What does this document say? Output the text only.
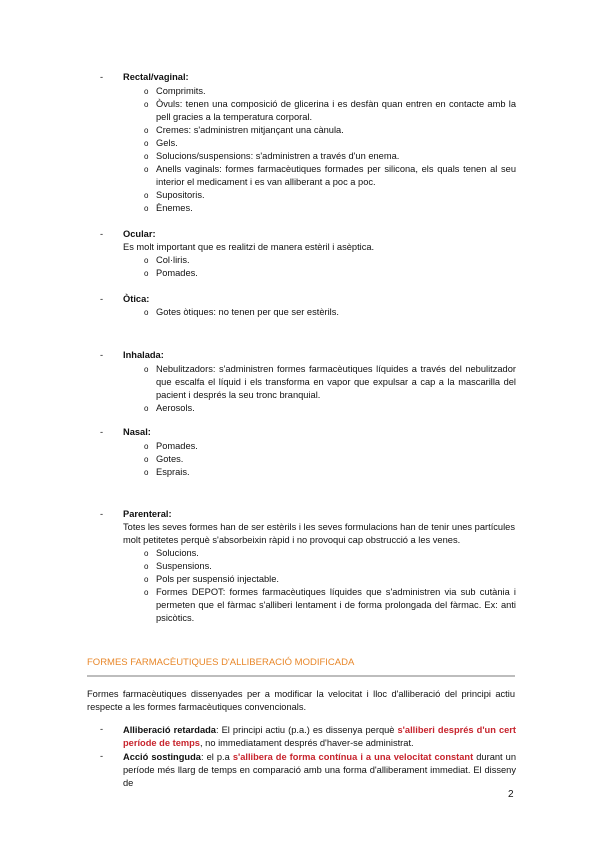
- Rectal/vaginal:
o Comprimits.
o Òvuls: tenen una composició de glicerina i es desfàn quan entren en contacte amb la pell gracies a la temperatura corporal.
o Cremes: s'administren mitjançant una cànula.
o Gels.
o Solucions/suspensions: s'administren a través d'un enema.
o Anells vaginals: formes farmacèutiques formades per silicona, els quals tenen al seu interior el medicament i es van alliberant a poc a poc.
o Supositoris.
o Ènemes.
- Ocular:
Es molt important que es realitzi de manera estèril i asèptica.
o Col·liris.
o Pomades.
- Òtica:
o Gotes òtiques: no tenen per que ser estèrils.
- Inhalada:
o Nebulitzadors: s'administren formes farmacèutiques líquides a través del nebulitzador que escalfa el líquid i els transforma en vapor que expulsar a cap a la mascarilla del pacient i després la seu tronc branquial.
o Aerosols.
- Nasal:
o Pomades.
o Gotes.
o Esprais.
- Parenteral:
Totes les seves formes han de ser estèrils i les seves formulacions han de tenir unes partícules molt petitetes perquè s'absorbeixin ràpid i no provoqui cap obstrucció a les venes.
o Solucions.
o Suspensions.
o Pols per suspensió injectable.
o Formes DEPOT: formes farmacèutiques líquides que s'administren via sub cutània i permeten que el fàrmac s'alliberi lentament i de forma prolongada del fàrmac. Ex: anti psicòtics.
FORMES FARMACÈUTIQUES D'ALLIBERACIÓ MODIFICADA
Formes farmacèutiques dissenyades per a modificar la velocitat i lloc d'alliberació del principi actiu respecte a les formes farmacèutiques convencionals.
- Alliberació retardada: El principi actiu (p.a.) es dissenya perquè s'alliberi després d'un cert període de temps, no immediatament després d'haver-se administrat.
- Acció sostinguda: el p.a s'allibera de forma contínua i a una velocitat constant durant un període més llarg de temps en comparació amb una forma d'alliberament immediat. El disseny de
2
